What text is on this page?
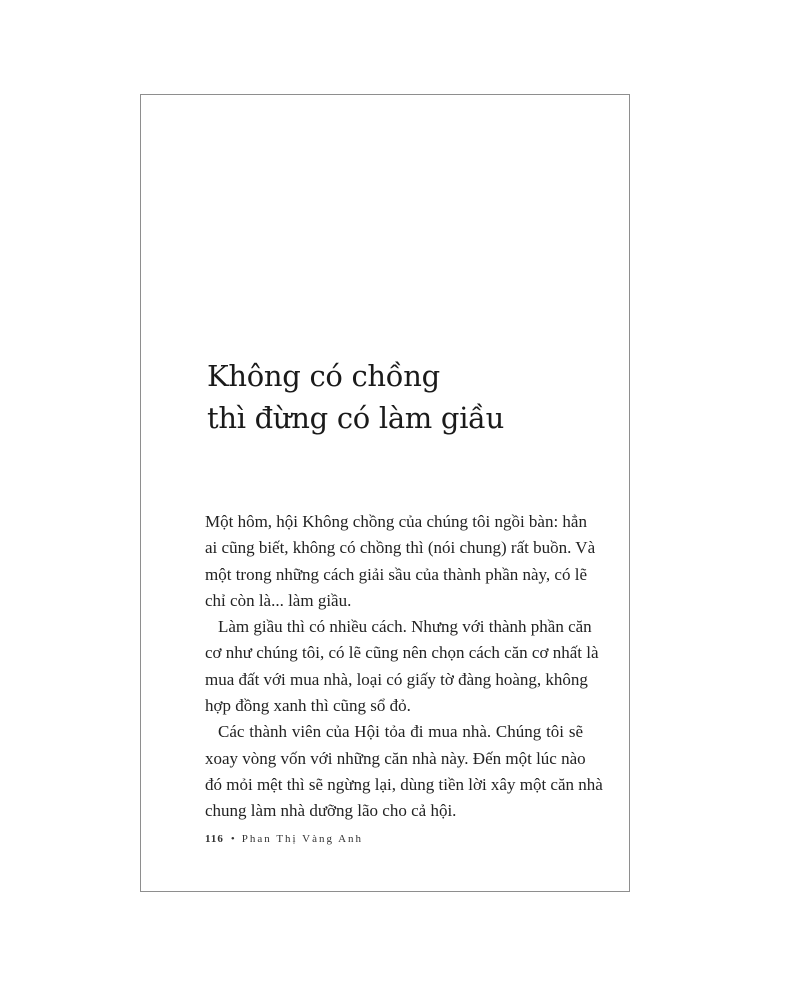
Không có chồng
thì đừng có làm giầu

Một hôm, hội Không chồng của chúng tôi ngồi bàn: hẳn
ai cũng biết, không có chồng thì (nói chung) rất buồn. Và
một trong những cách giải sầu của thành phần này, có lẽ
chỉ còn là... làm giầu.

Làm giầu thì có nhiều cách. Nhưng với thành phần căn
cơ như chúng tôi, có lẽ cũng nên chọn cách căn cơ nhất là
mua đất với mua nhà, loại có giấy tờ đàng hoàng, không
hợp đồng xanh thì cũng sổ đỏ.

Các thành viên của Hội tỏa đi mua nhà. Chúng tôi sẽ
xoay vòng vốn với những căn nhà này. Đến một lúc nào
đó mỏi mệt thì sẽ ngừng lại, dùng tiền lời xây một căn nhà
chung làm nhà dưỡng lão cho cả hội.

116 • Phan Thị Vàng Anh
